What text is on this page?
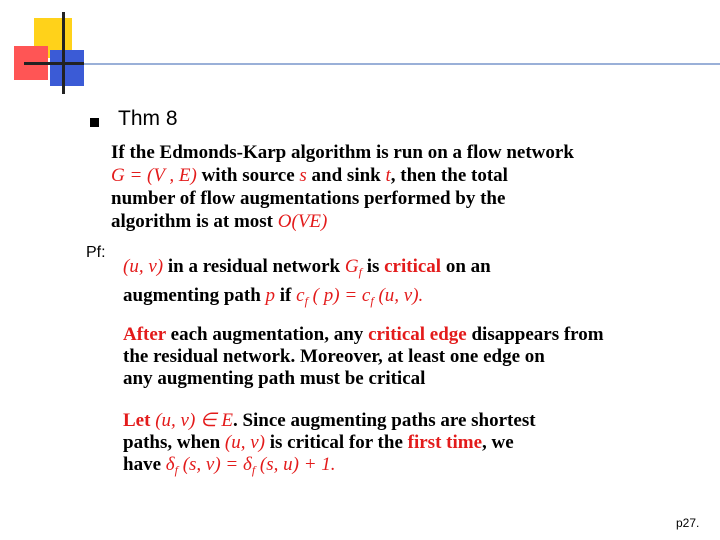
Thm 8
If the Edmonds-Karp algorithm is run on a flow network
G = (V , E) with source s and sink t, then the total
number of flow augmentations performed by the
algorithm is at most O(VE)
Pf:
(u, v) in a residual network $G_f$ is critical on an
augmenting path p if $c_f$ ( $p) = c_f$ (u, v).
After each augmentation, any critical edge disappears from
the residual network. Moreover, at least one edge on
any augmenting path must be critical
Let (u, v) ∈ E. Since augmenting paths are shortest
paths, when (u, v) is critical for the first time, we
have $\delta_f$ (s, $v) = \delta_f$ (s, u) + 1.
p27.
